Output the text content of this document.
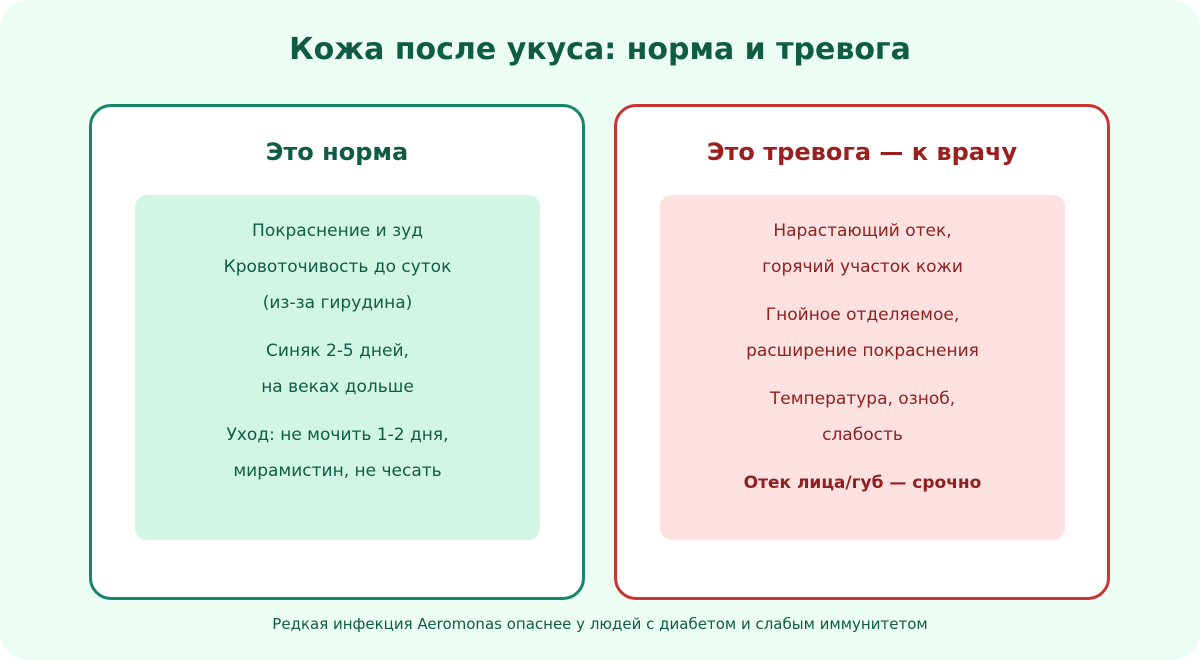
Кожа после укуса: норма и тревога
Это норма
Покраснение и зуд
Кровоточивость до суток
(из-за гирудина)
Синяк 2-5 дней,
на веках дольше
Уход: не мочить 1-2 дня,
мирамистин, не чесать
Это тревога — к врачу
Нарастающий отек,
горячий участок кожи
Гнойное отделяемое,
расширение покраснения
Температура, озноб,
слабость
Отек лица/губ — срочно
Редкая инфекция Aeromonas опаснее у людей с диабетом и слабым иммунитетом
